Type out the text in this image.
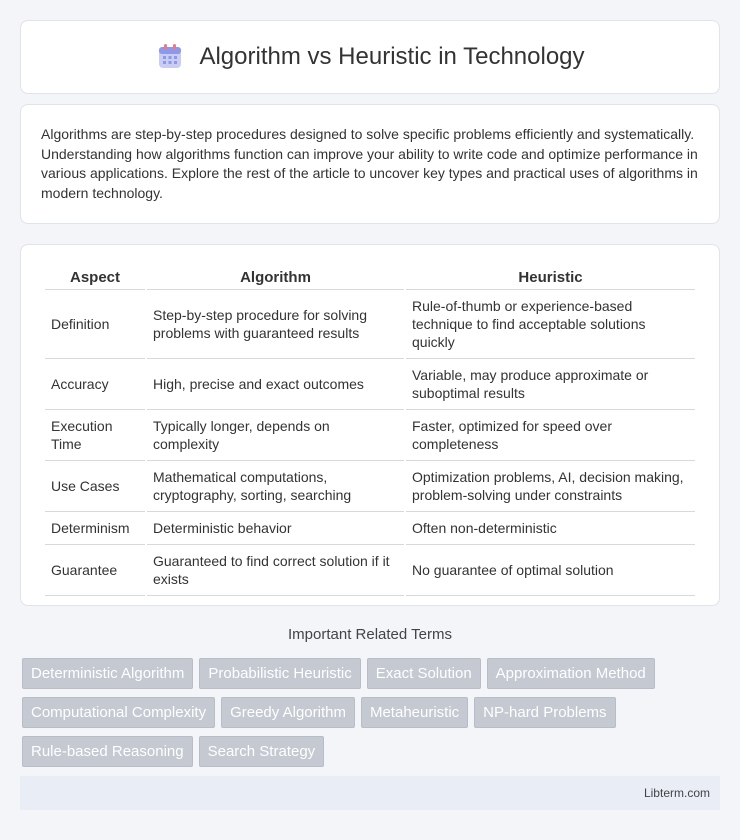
Algorithm vs Heuristic in Technology

Algorithms are step-by-step procedures designed to solve specific problems efficiently and systematically. Understanding how algorithms function can improve your ability to write code and optimize performance in various applications. Explore the rest of the article to uncover key types and practical uses of algorithms in modern technology.

Aspect	Algorithm	Heuristic
Definition	Step-by-step procedure for solving problems with guaranteed results	Rule-of-thumb or experience-based technique to find acceptable solutions quickly
Accuracy	High, precise and exact outcomes	Variable, may produce approximate or suboptimal results
Execution Time	Typically longer, depends on complexity	Faster, optimized for speed over completeness
Use Cases	Mathematical computations, cryptography, sorting, searching	Optimization problems, AI, decision making, problem-solving under constraints
Determinism	Deterministic behavior	Often non-deterministic
Guarantee	Guaranteed to find correct solution if it exists	No guarantee of optimal solution
Important Related Terms
Deterministic Algorithm	Probabilistic Heuristic	Exact Solution	Approximation Method
Computational Complexity	Greedy Algorithm	Metaheuristic	NP-hard Problems
Rule-based Reasoning	Search Strategy
Libterm.com
